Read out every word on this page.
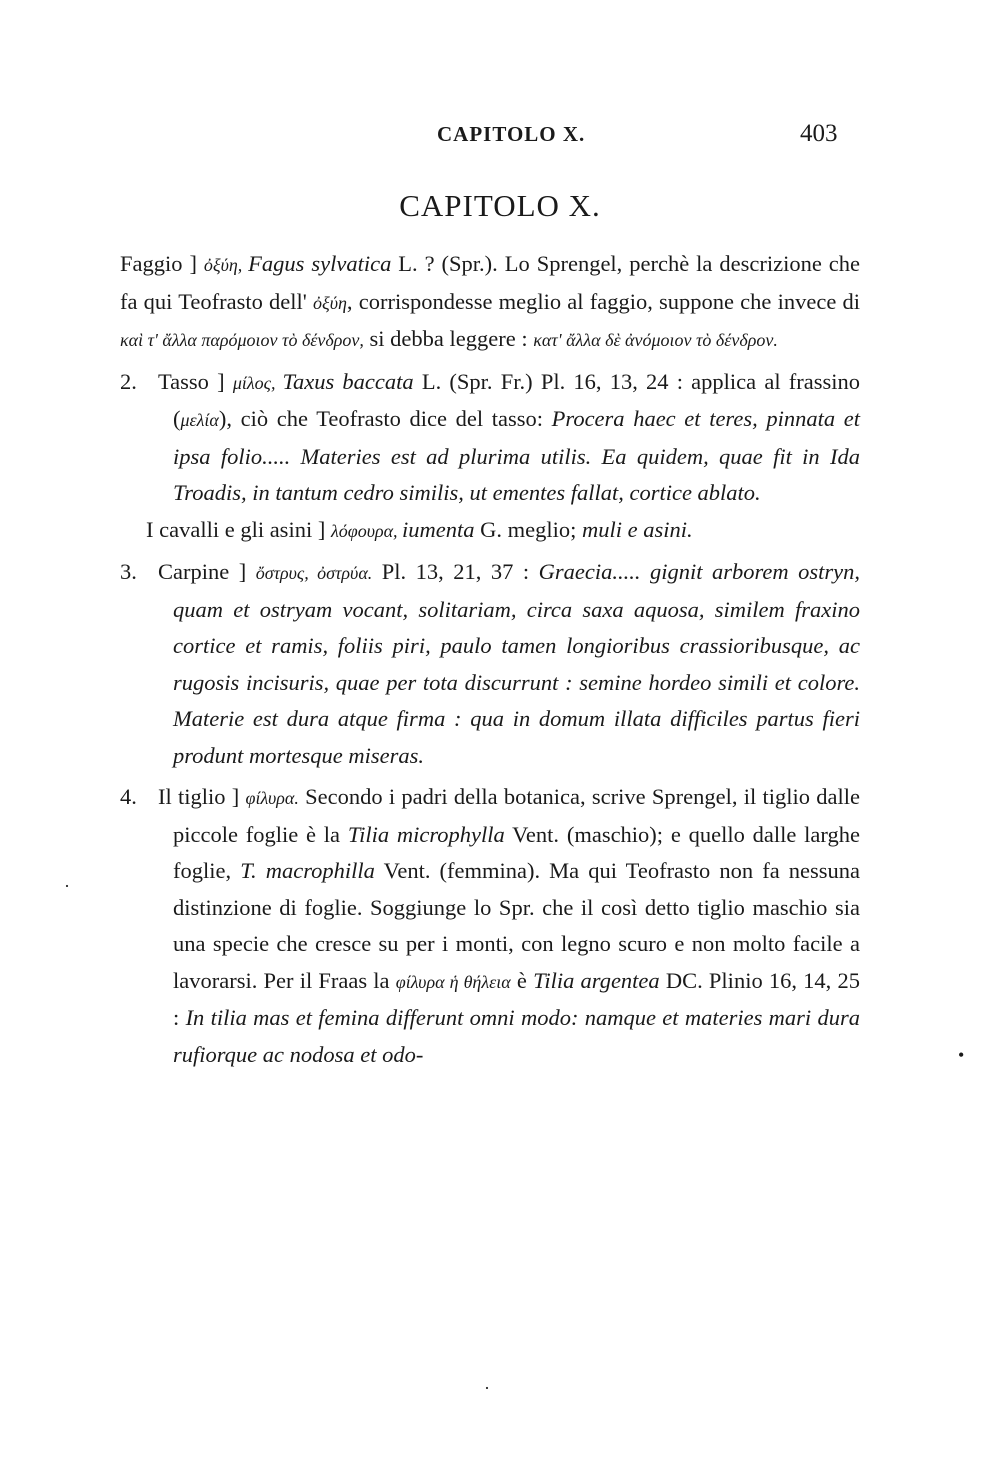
CAPITOLO X.	403
CAPITOLO X.

Faggio ] ὀξύη, Fagus sylvatica L. ? (Spr.). Lo Sprengel, perchè la descrizione che fa qui Teofrasto dell' ὀξύη, corrispondesse meglio al faggio, suppone che invece di καὶ τ' ἄλλα παρόμοιον τὸ δένδρον, si debba leggere : κατ' ἄλλα δὲ ἀνόμοιον τὸ δένδρον.

2. Tasso ] μίλος, Taxus baccata L. (Spr. Fr.) Pl. 16, 13, 24 : applica al frassino (μελία), ciò che Teofrasto dice del tasso: Procera haec et teres, pinnata et ipsa folio..... Materies est ad plurima utilis. Ea quidem, quae fit in Ida Troadis, in tantum cedro similis, ut ementes fallat, cortice ablato.

I cavalli e gli asini ] λόφουρα, iumenta G. meglio; muli e asini.

3. Carpine ] ὄστρυς, ὀστρύα. Pl. 13, 21, 37 : Graecia..... gignit arborem ostryn, quam et ostryam vocant, solitariam, circa saxa aquosa, similem fraxino cortice et ramis, foliis piri, paulo tamen longioribus crassioribusque, ac rugosis incisuris, quae per tota discurrunt : semine hordeo simili et colore. Materie est dura atque firma : qua in domum illata difficiles partus fieri produnt mortesque miseras.

4. Il tiglio ] φίλυρα. Secondo i padri della botanica, scrive Sprengel, il tiglio dalle piccole foglie è la Tilia microphylla Vent. (maschio); e quello dalle larghe foglie, T. macrophilla Vent. (femmina). Ma qui Teofrasto non fa nessuna distinzione di foglie. Soggiunge lo Spr. che il così detto tiglio maschio sia una specie che cresce su per i monti, con legno scuro e non molto facile a lavorarsi. Per il Fraas la φίλυρα ἡ θήλεια è Tilia argentea DC. Plinio 16, 14, 25 : In tilia mas et femina differunt omni modo: namque et materies mari dura rufiorque ac nodosa et odo-

·
•
·
